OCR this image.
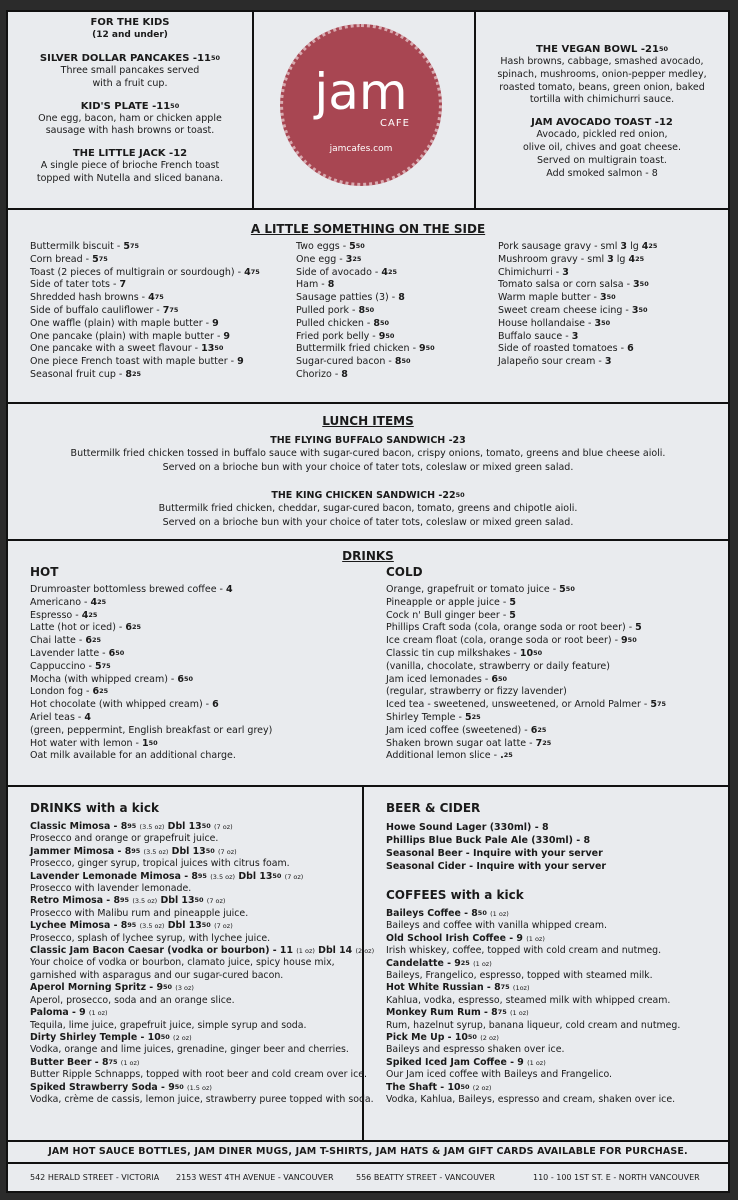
FOR THE KIDS
(12 and under)
SILVER DOLLAR PANCAKES $-11^{50}$
Three small pancakes served
with a fruit cup.
KID'S PLATE $-11^{50}$
One egg, bacon, ham or chicken apple
sausage with hash browns or toast.
THE LITTLE JACK -12
A single piece of brioche French toast
topped with Nutella and sliced banana.
jam
CAFE
jamcafes.com
THE VEGAN BOWL $-21^{50}$
Hash browns, cabbage, smashed avocado,
spinach, mushrooms, onion-pepper medley,
roasted tomato, beans, green onion, baked
tortilla with chimichurri sauce.
JAM AVOCADO TOAST -12
Avocado, pickled red onion,
olive oil, chives and goat cheese.
Served on multigrain toast.
Add smoked salmon - 8
A LITTLE SOMETHING ON THE SIDE
Buttermilk biscuit - $5^{75}$
Corn bread - $5^{75}$
Toast (2 pieces of multigrain or sourdough) - $4^{75}$
Side of tater tots - 7
Shredded hash browns - $4^{75}$
Side of buffalo cauliflower - $7^{75}$
One waffle (plain) with maple butter - 9
One pancake (plain) with maple butter - 9
One pancake with a sweet flavour - $13^{50}$
One piece French toast with maple butter - 9
Seasonal fruit cup - $8^{25}$
Two eggs - $5^{50}$
One egg - $3^{25}$
Side of avocado - $4^{25}$
Ham - 8
Sausage patties (3) - 8
Pulled pork - $8^{50}$
Pulled chicken - $8^{50}$
Fried pork belly - $9^{50}$
Buttermilk fried chicken - $9^{50}$
Sugar-cured bacon - $8^{50}$
Chorizo - 8
Pork sausage gravy - sml 3 $\lg 4^{25}$
Mushroom gravy - sml 3 $\lg 4^{25}$
Chimichurri - 3
Tomato salsa or corn salsa - $3^{50}$
Warm maple butter - $3^{50}$
Sweet cream cheese icing - $3^{50}$
House hollandaise - $3^{50}$
Buffalo sauce - 3
Side of roasted tomatoes - 6
Jalapeño sour cream - 3
LUNCH ITEMS
THE FLYING BUFFALO SANDWICH -23
Buttermilk fried chicken tossed in buffalo sauce with sugar-cured bacon, crispy onions, tomato, greens and blue cheese aioli.
Served on a brioche bun with your choice of tater tots, coleslaw or mixed green salad.
THE KING CHICKEN SANDWICH $-22^{50}$
Buttermilk fried chicken, cheddar, sugar-cured bacon, tomato, greens and chipotle aioli.
Served on a brioche bun with your choice of tater tots, coleslaw or mixed green salad.
DRINKS
HOT
Drumroaster bottomless brewed coffee - 4
Americano - $4^{25}$
Espresso - $4^{25}$
Latte (hot or iced) - $6^{25}$
Chai latte - $6^{25}$
Lavender latte - $6^{50}$
Cappuccino - $5^{75}$
Mocha (with whipped cream) - $6^{50}$
London fog - $6^{25}$
Hot chocolate (with whipped cream) - 6
Ariel teas - 4
(green, peppermint, English breakfast or earl grey)
Hot water with lemon - $1^{50}$
Oat milk available for an additional charge.
COLD
Orange, grapefruit or tomato juice - $5^{50}$
Pineapple or apple juice - 5
Cock n' Bull ginger beer - 5
Phillips Craft soda (cola, orange soda or root beer) - 5
Ice cream float (cola, orange soda or root beer) - $9^{50}$
Classic tin cup milkshakes - $10^{50}$
(vanilla, chocolate, strawberry or daily feature)
Jam iced lemonades - $6^{50}$
(regular, strawberry or fizzy lavender)
Iced tea - sweetened, unsweetened, or Arnold Palmer - $5^{75}$
Shirley Temple - $5^{25}$
Jam iced coffee (sweetened) - $6^{25}$
Shaken brown sugar oat latte - $7^{25}$
Additional lemon slice - .$^{25}$
DRINKS with a kick
Classic Mimosa - $8^{95}$ (3.5 oz) Dbl $13^{50}$ (7 oz)
Prosecco and orange or grapefruit juice.
Jammer Mimosa - $8^{95}$ (3.5 oz) Dbl $13^{50}$ (7 oz)
Prosecco, ginger syrup, tropical juices with citrus foam.
Lavender Lemonade Mimosa - $8^{95}$ (3.5 oz) Dbl $13^{50}$ (7 oz)
Prosecco with lavender lemonade.
Retro Mimosa - $8^{95}$ (3.5 oz) Dbl $13^{50}$ (7 oz)
Prosecco with Malibu rum and pineapple juice.
Lychee Mimosa - $8^{95}$ (3.5 oz) Dbl $13^{50}$ (7 oz)
Prosecco, splash of lychee syrup, with lychee juice.
Classic Jam Bacon Caesar (vodka or bourbon) - 11 (1 oz) Dbl 14 (2 oz)
Your choice of vodka or bourbon, clamato juice, spicy house mix,
garnished with asparagus and our sugar-cured bacon.
Aperol Morning Spritz - $9^{50}$ (3 oz)
Aperol, prosecco, soda and an orange slice.
Paloma - 9 (1 oz)
Tequila, lime juice, grapefruit juice, simple syrup and soda.
Dirty Shirley Temple - $10^{50}$ (2 oz)
Vodka, orange and lime juices, grenadine, ginger beer and cherries.
Butter Beer - $8^{75}$ (1 oz)
Butter Ripple Schnapps, topped with root beer and cold cream over ice.
Spiked Strawberry Soda - $9^{50}$ (1.5 oz)
Vodka, crème de cassis, lemon juice, strawberry puree topped with soda.
BEER & CIDER
Howe Sound Lager (330ml) - 8
Phillips Blue Buck Pale Ale (330ml) - 8
Seasonal Beer - Inquire with your server
Seasonal Cider - Inquire with your server
COFFEES with a kick
Baileys Coffee - $8^{50}$ (1 oz)
Baileys and coffee with vanilla whipped cream.
Old School Irish Coffee - 9 (1 oz)
Irish whiskey, coffee, topped with cold cream and nutmeg.
Candelatte - $9^{25}$ (1 oz)
Baileys, Frangelico, espresso, topped with steamed milk.
Hot White Russian - $8^{75}$ (1oz)
Kahlua, vodka, espresso, steamed milk with whipped cream.
Monkey Rum Rum - $8^{75}$ (1 oz)
Rum, hazelnut syrup, banana liqueur, cold cream and nutmeg.
Pick Me Up - $10^{50}$ (2 oz)
Baileys and espresso shaken over ice.
Spiked Iced Jam Coffee - 9 (1 oz)
Our Jam iced coffee with Baileys and Frangelico.
The Shaft - $10^{50}$ (2 oz)
Vodka, Kahlua, Baileys, espresso and cream, shaken over ice.
JAM HOT SAUCE BOTTLES, JAM DINER MUGS, JAM T-SHIRTS, JAM HATS & JAM GIFT CARDS AVAILABLE FOR PURCHASE.
542 HERALD STREET - VICTORIA 2153 WEST 4TH AVENUE - VANCOUVER	556 BEATTY STREET - VANCOUVER	110 - 100 1ST ST. E - NORTH VANCOUVER
